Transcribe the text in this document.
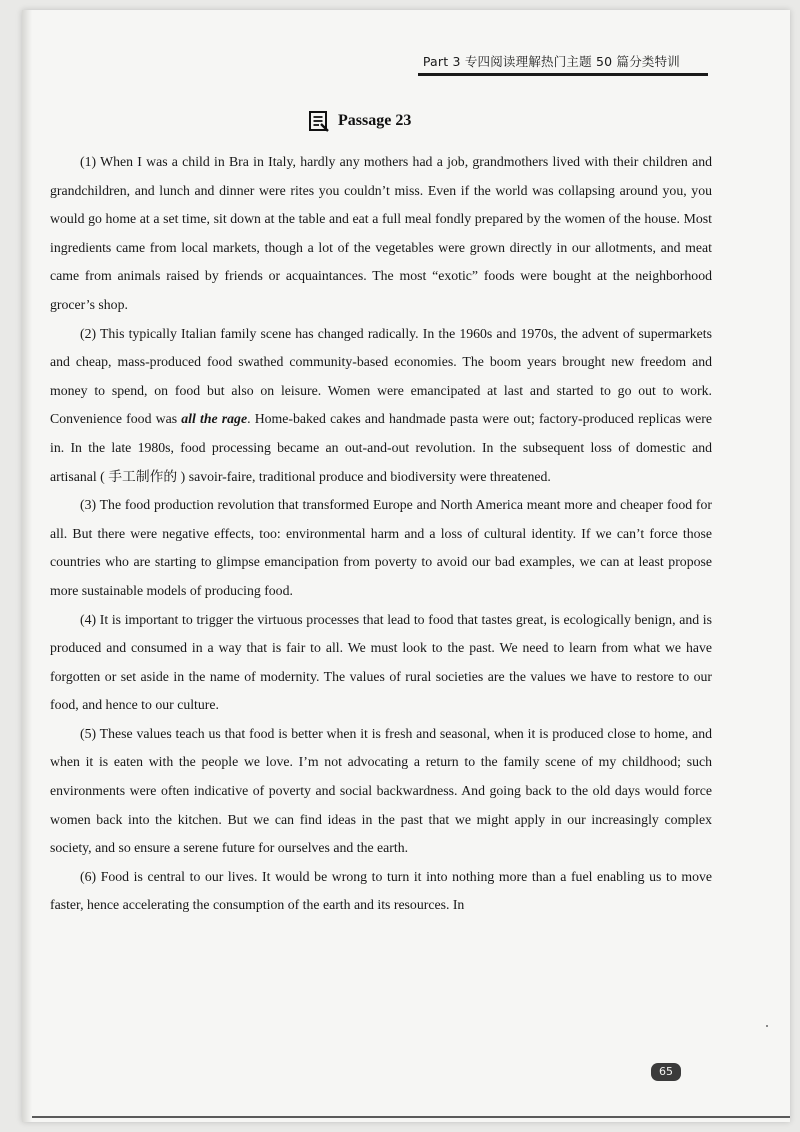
Part 3 专四阅读理解热门主题 50 篇分类特训
Passage 23

(1) When I was a child in Bra in Italy, hardly any mothers had a job, grandmothers lived with their children and grandchildren, and lunch and dinner were rites you couldn’t miss. Even if the world was collapsing around you, you would go home at a set time, sit down at the table and eat a full meal fondly prepared by the women of the house. Most ingredients came from local markets, though a lot of the vegetables were grown directly in our allotments, and meat came from animals raised by friends or acquaintances. The most “exotic” foods were bought at the neighborhood grocer’s shop.

(2) This typically Italian family scene has changed radically. In the 1960s and 1970s, the advent of supermarkets and cheap, mass-produced food swathed community-based economies. The boom years brought new freedom and money to spend, on food but also on leisure. Women were emancipated at last and started to go out to work. Convenience food was all the rage. Home-baked cakes and handmade pasta were out; factory-produced replicas were in. In the late 1980s, food processing became an out-and-out revolution. In the subsequent loss of domestic and artisanal ( 手工制作的 ) savoir-faire, traditional produce and biodiversity were threatened.

(3) The food production revolution that transformed Europe and North America meant more and cheaper food for all. But there were negative effects, too: environmental harm and a loss of cultural identity. If we can’t force those countries who are starting to glimpse emancipation from poverty to avoid our bad examples, we can at least propose more sustainable models of producing food.

(4) It is important to trigger the virtuous processes that lead to food that tastes great, is ecologically benign, and is produced and consumed in a way that is fair to all. We must look to the past. We need to learn from what we have forgotten or set aside in the name of modernity. The values of rural societies are the values we have to restore to our food, and hence to our culture.

(5) These values teach us that food is better when it is fresh and seasonal, when it is produced close to home, and when it is eaten with the people we love. I’m not advocating a return to the family scene of my childhood; such environments were often indicative of poverty and social backwardness. And going back to the old days would force women back into the kitchen. But we can find ideas in the past that we might apply in our increasingly complex society, and so ensure a serene future for ourselves and the earth.

(6) Food is central to our lives. It would be wrong to turn it into nothing more than a fuel enabling us to move faster, hence accelerating the consumption of the earth and its resources. In

65
